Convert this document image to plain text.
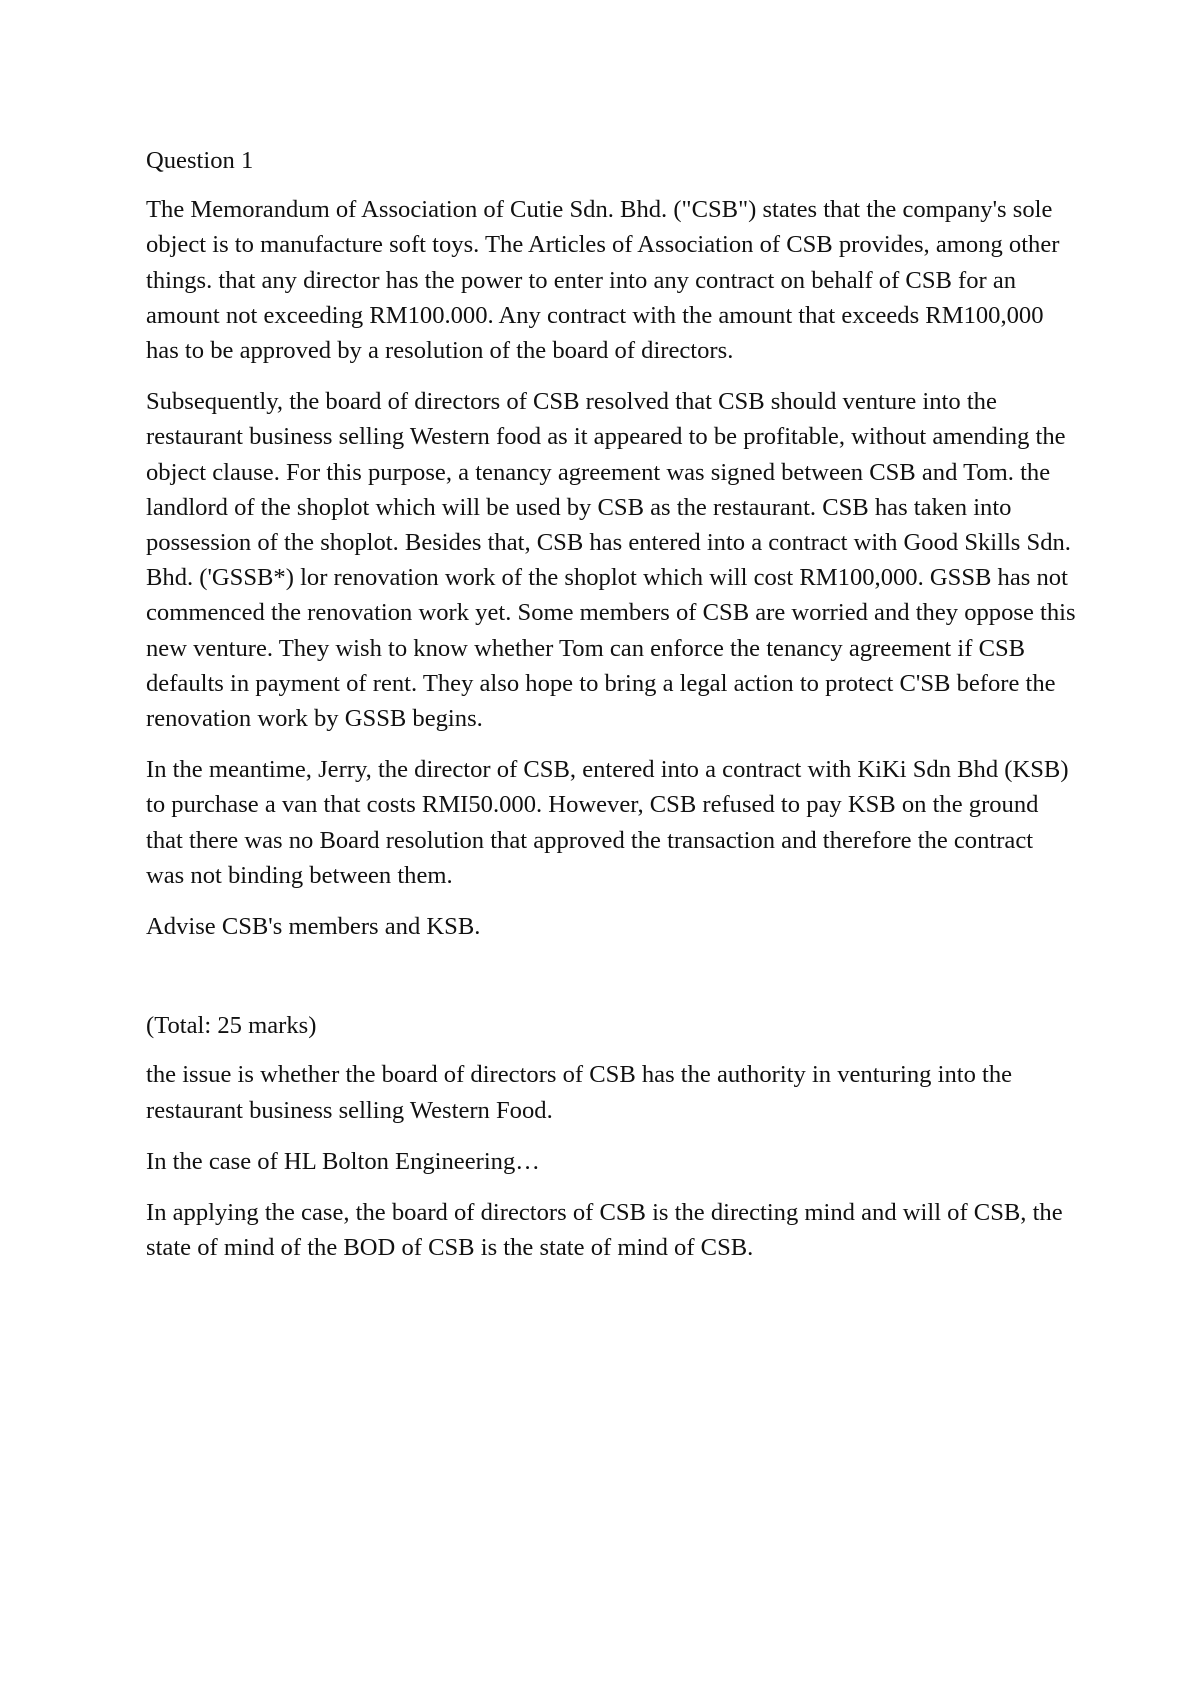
Question 1

The Memorandum of Association of Cutie Sdn. Bhd. ("CSB") states that the company's sole object is to manufacture soft toys. The Articles of Association of CSB provides, among other things. that any director has the power to enter into any contract on behalf of CSB for an amount not exceeding RM100.000. Any contract with the amount that exceeds RM100,000 has to be approved by a resolution of the board of directors.

Subsequently, the board of directors of CSB resolved that CSB should venture into the restaurant business selling Western food as it appeared to be profitable, without amending the object clause. For this purpose, a tenancy agreement was signed between CSB and Tom. the landlord of the shoplot which will be used by CSB as the restaurant. CSB has taken into possession of the shoplot. Besides that, CSB has entered into a contract with Good Skills Sdn. Bhd. ('GSSB*) lor renovation work of the shoplot which will cost RM100,000. GSSB has not commenced the renovation work yet. Some members of CSB are worried and they oppose this new venture. They wish to know whether Tom can enforce the tenancy agreement if CSB defaults in payment of rent. They also hope to bring a legal action to protect C'SB before the renovation work by GSSB begins.

In the meantime, Jerry, the director of CSB, entered into a contract with KiKi Sdn Bhd (KSB) to purchase a van that costs RMI50.000. However, CSB refused to pay KSB on the ground that there was no Board resolution that approved the transaction and therefore the contract was not binding between them.

Advise CSB's members and KSB.

(Total: 25 marks)

the issue is whether the board of directors of CSB has the authority in venturing into the restaurant business selling Western Food.

In the case of HL Bolton Engineering…

In applying the case, the board of directors of CSB is the directing mind and will of CSB, the state of mind of the BOD of CSB is the state of mind of CSB.
